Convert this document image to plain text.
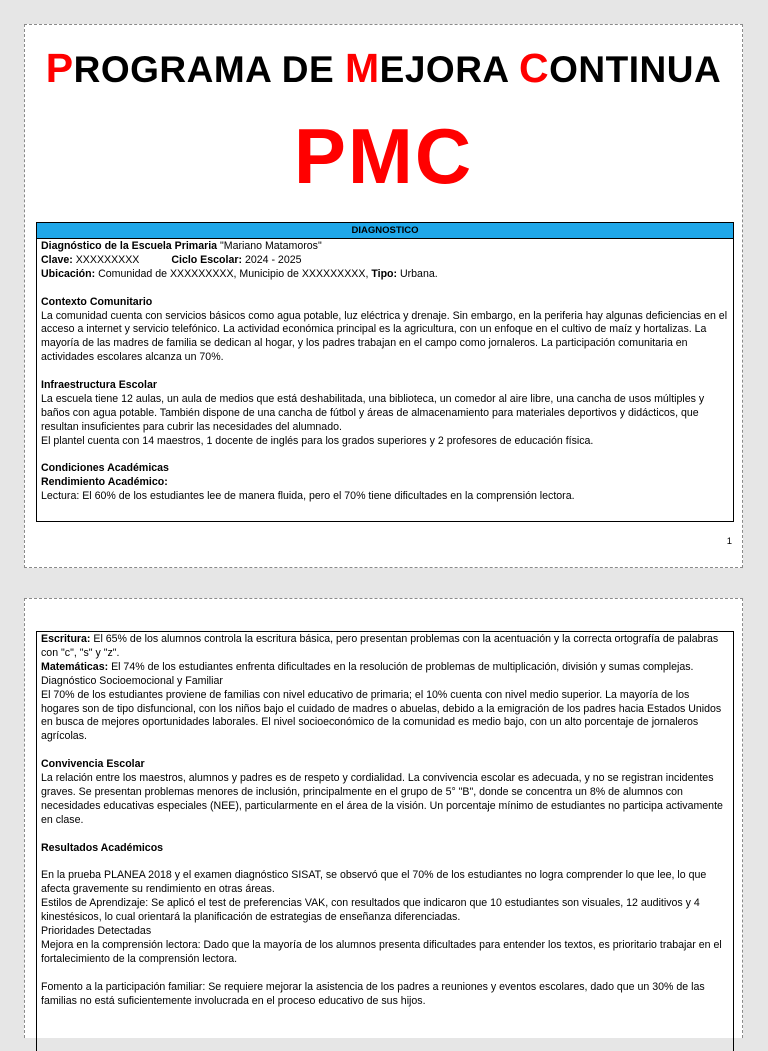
PROGRAMA DE MEJORA CONTINUA
PMC
DIAGNOSTICO
Diagnóstico de la Escuela Primaria "Mariano Matamoros"
Clave: XXXXXXXXX	Ciclo Escolar: 2024 - 2025
Ubicación: Comunidad de XXXXXXXXX, Municipio de XXXXXXXXX, Tipo: Urbana.
Contexto Comunitario

La comunidad cuenta con servicios básicos como agua potable, luz eléctrica y drenaje. Sin embargo, en la periferia hay algunas deficiencias en el acceso a internet y servicio telefónico. La actividad económica principal es la agricultura, con un enfoque en el cultivo de maíz y hortalizas. La mayoría de las madres de familia se dedican al hogar, y los padres trabajan en el campo como jornaleros. La participación comunitaria en actividades escolares alcanza un 70%.

Infraestructura Escolar

La escuela tiene 12 aulas, un aula de medios que está deshabilitada, una biblioteca, un comedor al aire libre, una cancha de usos múltiples y baños con agua potable. También dispone de una cancha de fútbol y áreas de almacenamiento para materiales deportivos y didácticos, que resultan insuficientes para cubrir las necesidades del alumnado.

El plantel cuenta con 14 maestros, 1 docente de inglés para los grados superiores y 2 profesores de educación física.

Condiciones Académicas
Rendimiento Académico:

Lectura: El 60% de los estudiantes lee de manera fluida, pero el 70% tiene dificultades en la comprensión lectora.

1

Escritura: El 65% de los alumnos controla la escritura básica, pero presentan problemas con la acentuación y la correcta ortografía de palabras con "c", "s" y "z".

Matemáticas: El 74% de los estudiantes enfrenta dificultades en la resolución de problemas de multiplicación, división y sumas complejas.

Diagnóstico Socioemocional y Familiar

El 70% de los estudiantes proviene de familias con nivel educativo de primaria; el 10% cuenta con nivel medio superior. La mayoría de los hogares son de tipo disfuncional, con los niños bajo el cuidado de madres o abuelas, debido a la emigración de los padres hacia Estados Unidos en busca de mejores oportunidades laborales. El nivel socioeconómico de la comunidad es medio bajo, con un alto porcentaje de jornaleros agrícolas.

Convivencia Escolar

La relación entre los maestros, alumnos y padres es de respeto y cordialidad. La convivencia escolar es adecuada, y no se registran incidentes graves. Se presentan problemas menores de inclusión, principalmente en el grupo de 5° "B", donde se concentra un 8% de alumnos con necesidades educativas especiales (NEE), particularmente en el área de la visión. Un porcentaje mínimo de estudiantes no participa activamente en clase.

Resultados Académicos

En la prueba PLANEA 2018 y el examen diagnóstico SISAT, se observó que el 70% de los estudiantes no logra comprender lo que lee, lo que afecta gravemente su rendimiento en otras áreas.

Estilos de Aprendizaje: Se aplicó el test de preferencias VAK, con resultados que indicaron que 10 estudiantes son visuales, 12 auditivos y 4 kinestésicos, lo cual orientará la planificación de estrategias de enseñanza diferenciadas.

Prioridades Detectadas

Mejora en la comprensión lectora: Dado que la mayoría de los alumnos presenta dificultades para entender los textos, es prioritario trabajar en el fortalecimiento de la comprensión lectora.

Fomento a la participación familiar: Se requiere mejorar la asistencia de los padres a reuniones y eventos escolares, dado que un 30% de las familias no está suficientemente involucrada en el proceso educativo de sus hijos.
